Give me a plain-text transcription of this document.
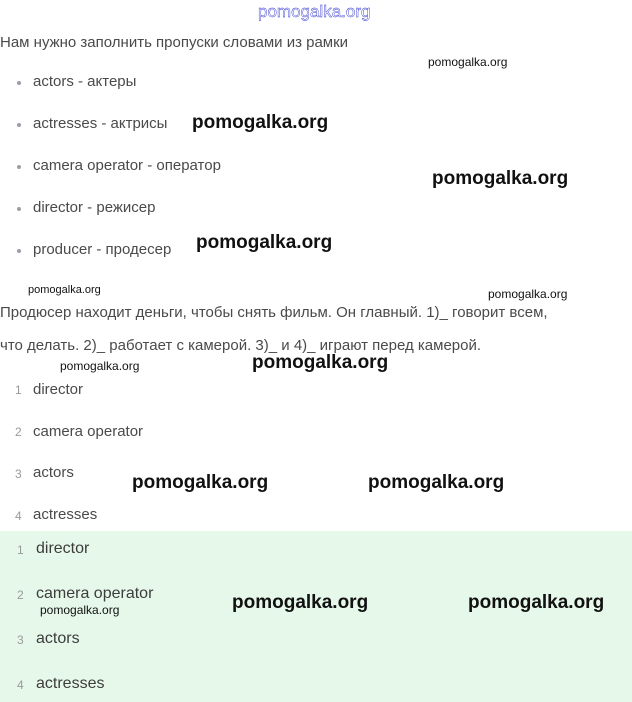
pomogalka.org
Нам нужно заполнить пропуски словами из рамки
actors - актеры
actresses - актрисы
camera operator - оператор
director - режисер
producer - продесер
Продюсер находит деньги, чтобы снять фильм. Он главный. 1)_ говорит всем,
что делать. 2)_ работает с камерой. 3)_ и 4)_ играют перед камерой.
1 director
2 camera operator
3 actors
4 actresses
1 director
2 camera operator
3 actors
4 actresses
pomogalka.org
pomogalka.org
pomogalka.org
pomogalka.org
pomogalka.org	pomogalka.org
pomogalka.org	pomogalka.org
pomogalka.org	pomogalka.org
pomogalka.org	pomogalka.org
pomogalka.org
